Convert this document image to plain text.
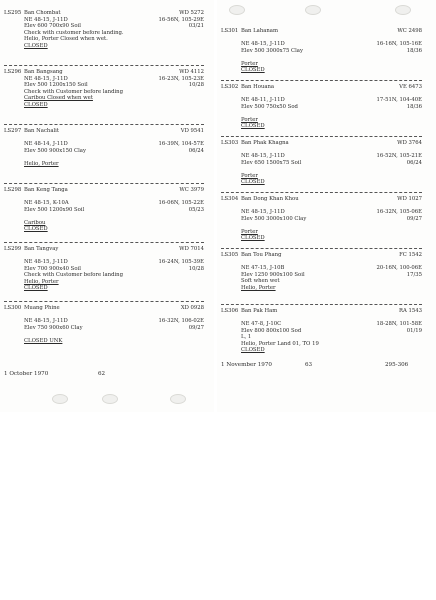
1 October 1970	62
LS295 Ban Chombat	WD 5272
NE 48-15, J-11D	16-56N, 105-29E
Elev 600 700x90 Soil	03/21
Check with customer before landing.
Helio, Porter Closed when wet.
CLOSED
LS296 Ban Bangsang	WD 4112
NE 48-15, J-11D	16-23N, 105-23E
Elev 500 1200x150 Soil	10/28
Check with Customer before landing
Caribou Closed when wet
CLOSED
LS297 Ban Nachalit	VD 9541
NE 48-14, J-11D	16-39N, 104-57E
Elev 500 900x150 Clay	06/24
Helio, Porter
LS298 Ban Keng Tanga	WC 3979
NE 48-15, K-10A	16-06N, 105-22E
Elev 500 1200x90 Soil	05/23
Caribou
CLOSED
LS299 Ban Tangvay	WD 7014
NE 48-15, J-11D	16-24N, 105-39E
Elev 700 900x40 Soil	10/28
Check with Customer before landing
Helio, Porter
CLOSED
LS300 Muang Phine	XD 0928
NE 48-15, J-11D	16-32N, 106-02E
Elev 750 900x60 Clay	09/27
CLOSED UNK
1 November 1970	63	295-306
LS301 Ban Lahanam	WC 2498
NE 48-15, J-11D	16-16N, 105-16E
Elev 500 3000x75 Clay	18/36
Porter
CLOSED
LS302 Ban Houana	VE 6473
NE 48-11, J-11D	17-51N, 104-40E
Elev 500 750x50 Sod	18/36
Porter
CLOSED
LS303 Ban Phak Khagna	WD 3764
NE 48-15, J-11D	16-52N, 105-21E
Elev 650 1500x75 Soil	06/24
Porter
CLOSED
LS304 Ban Dong Khan Khou	WD 1027
NE 48-15, J-11D	16-32N, 105-06E
Elev 500 3000x100 Clay	09/27
Porter
CLOSED
LS305 Ban Tou Phang	FC 1542
NE 47-15, J-10B	20-16N, 100-06E
Elev 1250 900x100 Soil	17/35
Soft when wet
Helio, Porter
LS306 Ban Pak Ham	RA 1543
NE 47-8, J-10C	18-28N, 101-58E
Elev 800 800x100 Sod	01/19
L, 1
Helio, Porter Land 01, TO 19
CLOSED
